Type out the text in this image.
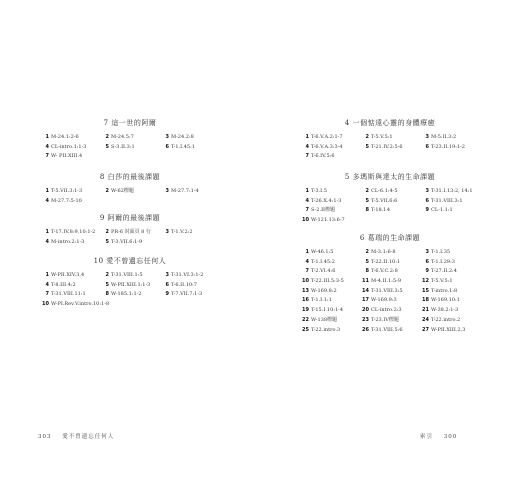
303 愛不曾遺忘任何人
7 這一世的阿爾
1 M-24.1:2-6	2 M-24.5:7	3 M-24.2:8
4 CL-intro.1:1-3	5 S-3.II.3:1	6 T-1.I.45:1
7 W- PII.XIII.4
8 白莎的最後課題
1 T-5.VII.3:1-3	2 W-62標題	3 M-27.7:1-4
4 M-27.7:5-10
9 阿爾的最後課題
1 T-17.IV.8:9,10:1-2	2 PR-6 封面頁 8 行	3 T-1.V.2:2
4 M-intro.2:1-3	5 T-3.VII.6:1-9
10 愛不曾遺忘任何人
1 W-PII.XIV.3,4	2 T-31.VIII.1:5	3 T-31.VI.3:1-2
4 T-8.III.4:2	5 W-PII.XIII.1:1-3	6 T-6.II.10:7
7 T-31.VIII.11:1	8 W-185.1:1-2	9 T-7.VII.7:1-3
10 W-PI.Rev.V.intro.10:1-8
索引 300
4 一個惦遠心靈的身體療癒
1 T-6.V.A.2:1-7	2 T-5.V.5:1	3 M-5.II.3:2
4 T-6.V.A.3:3-4	5 T-21.IV.2:5-6	6 T-23.II.19:1-2
7 T-6.IV.5:6
5 多瑪斯與達太的生命課題
1 T-3.I.5	2 CL-6.1:4-5	3 T-31.I.13:2, 14:1
4 T-26.X.4:1-3	5 T-5.VII.6:6	6 T-31.VIII.3:1
7 S-2.II標題	8 T-18.I.4	9 CL-1.1:1
10 W-121.13:6-7
6 葛瑞的生命課題
1 W-46.1:5	2 M-3.1:6-8	3 T-1.I.35
4 T-1.I.45:2	5 T-22.II.10:1	6 T-1.I.29:3
7 T-2.VI.4:6	8 T-6.V.C.2:8	9 T-27.II.2:4
10 T-22.III.5:3-5	11 M-4.II.1:5-9	12 T-5.V.5:1
13 W-169.8:2	14 T-31.VIII.3:5	15 T-intro.1:8
16 T-1.I.1:1	17 W-169.9:3	18 W-169.10:1
19 T-15.I.10:1-4	20 CL-intro.2:3	21 W-38.2:1-3
22 W-138標題	23 T-23.IV標題	24 T-22.intro.2
25 T-22.intro.3	26 T-31.VIII.5:6	27 W-PII.XIII.2,3
